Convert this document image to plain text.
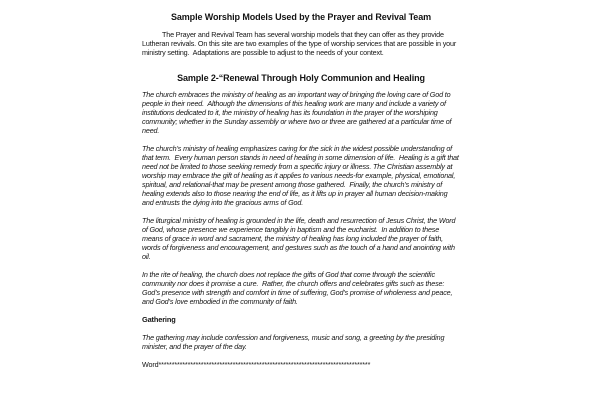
Sample Worship Models Used by the Prayer and Revival Team

The Prayer and Revival Team has several worship models that they can offer as they provide Lutheran revivals. On this site are two examples of the type of worship services that are possible in your ministry setting.  Adaptations are possible to adjust to the needs of your context.

Sample 2-“Renewal Through Holy Communion and Healing

The church embraces the ministry of healing as an important way of bringing the loving care of God to people in their need.  Although the dimensions of this healing work are many and include a variety of institutions dedicated to it, the ministry of healing has its foundation in the prayer of the worshiping community; whether in the Sunday assembly or where two or three are gathered at a particular time of need.

The church’s ministry of healing emphasizes caring for the sick in the widest possible understanding of that term.  Every human person stands in need of healing in some dimension of life.  Healing is a gift that need not be limited to those seeking remedy from a specific injury or illness. The Christian assembly at worship may embrace the gift of healing as it applies to various needs-for example, physical, emotional, spiritual, and relational-that may be present among those gathered.  Finally, the church’s ministry of healing extends also to those nearing the end of life, as it lifts up in prayer all human decision-making and entrusts the dying into the gracious arms of God.

The liturgical ministry of healing is grounded in the life, death and resurrection of Jesus Christ, the Word of God, whose presence we experience tangibly in baptism and the eucharist.  In addition to these means of grace in word and sacrament, the ministry of healing has long included the prayer of faith, words of forgiveness and encouragement, and gestures such as the touch of a hand and anointing with oil.

In the rite of healing, the church does not replace the gifts of God that come through the scientific community nor does it promise a cure.  Rather, the church offers and celebrates gifts such as these: God’s presence with strength and comfort in time of suffering, God’s promise of wholeness and peace, and God’s love embodied in the community of faith.

Gathering

The gathering may include confession and forgiveness, music and song, a greeting by the presiding minister, and the prayer of the day.

Word********************************************************************************
